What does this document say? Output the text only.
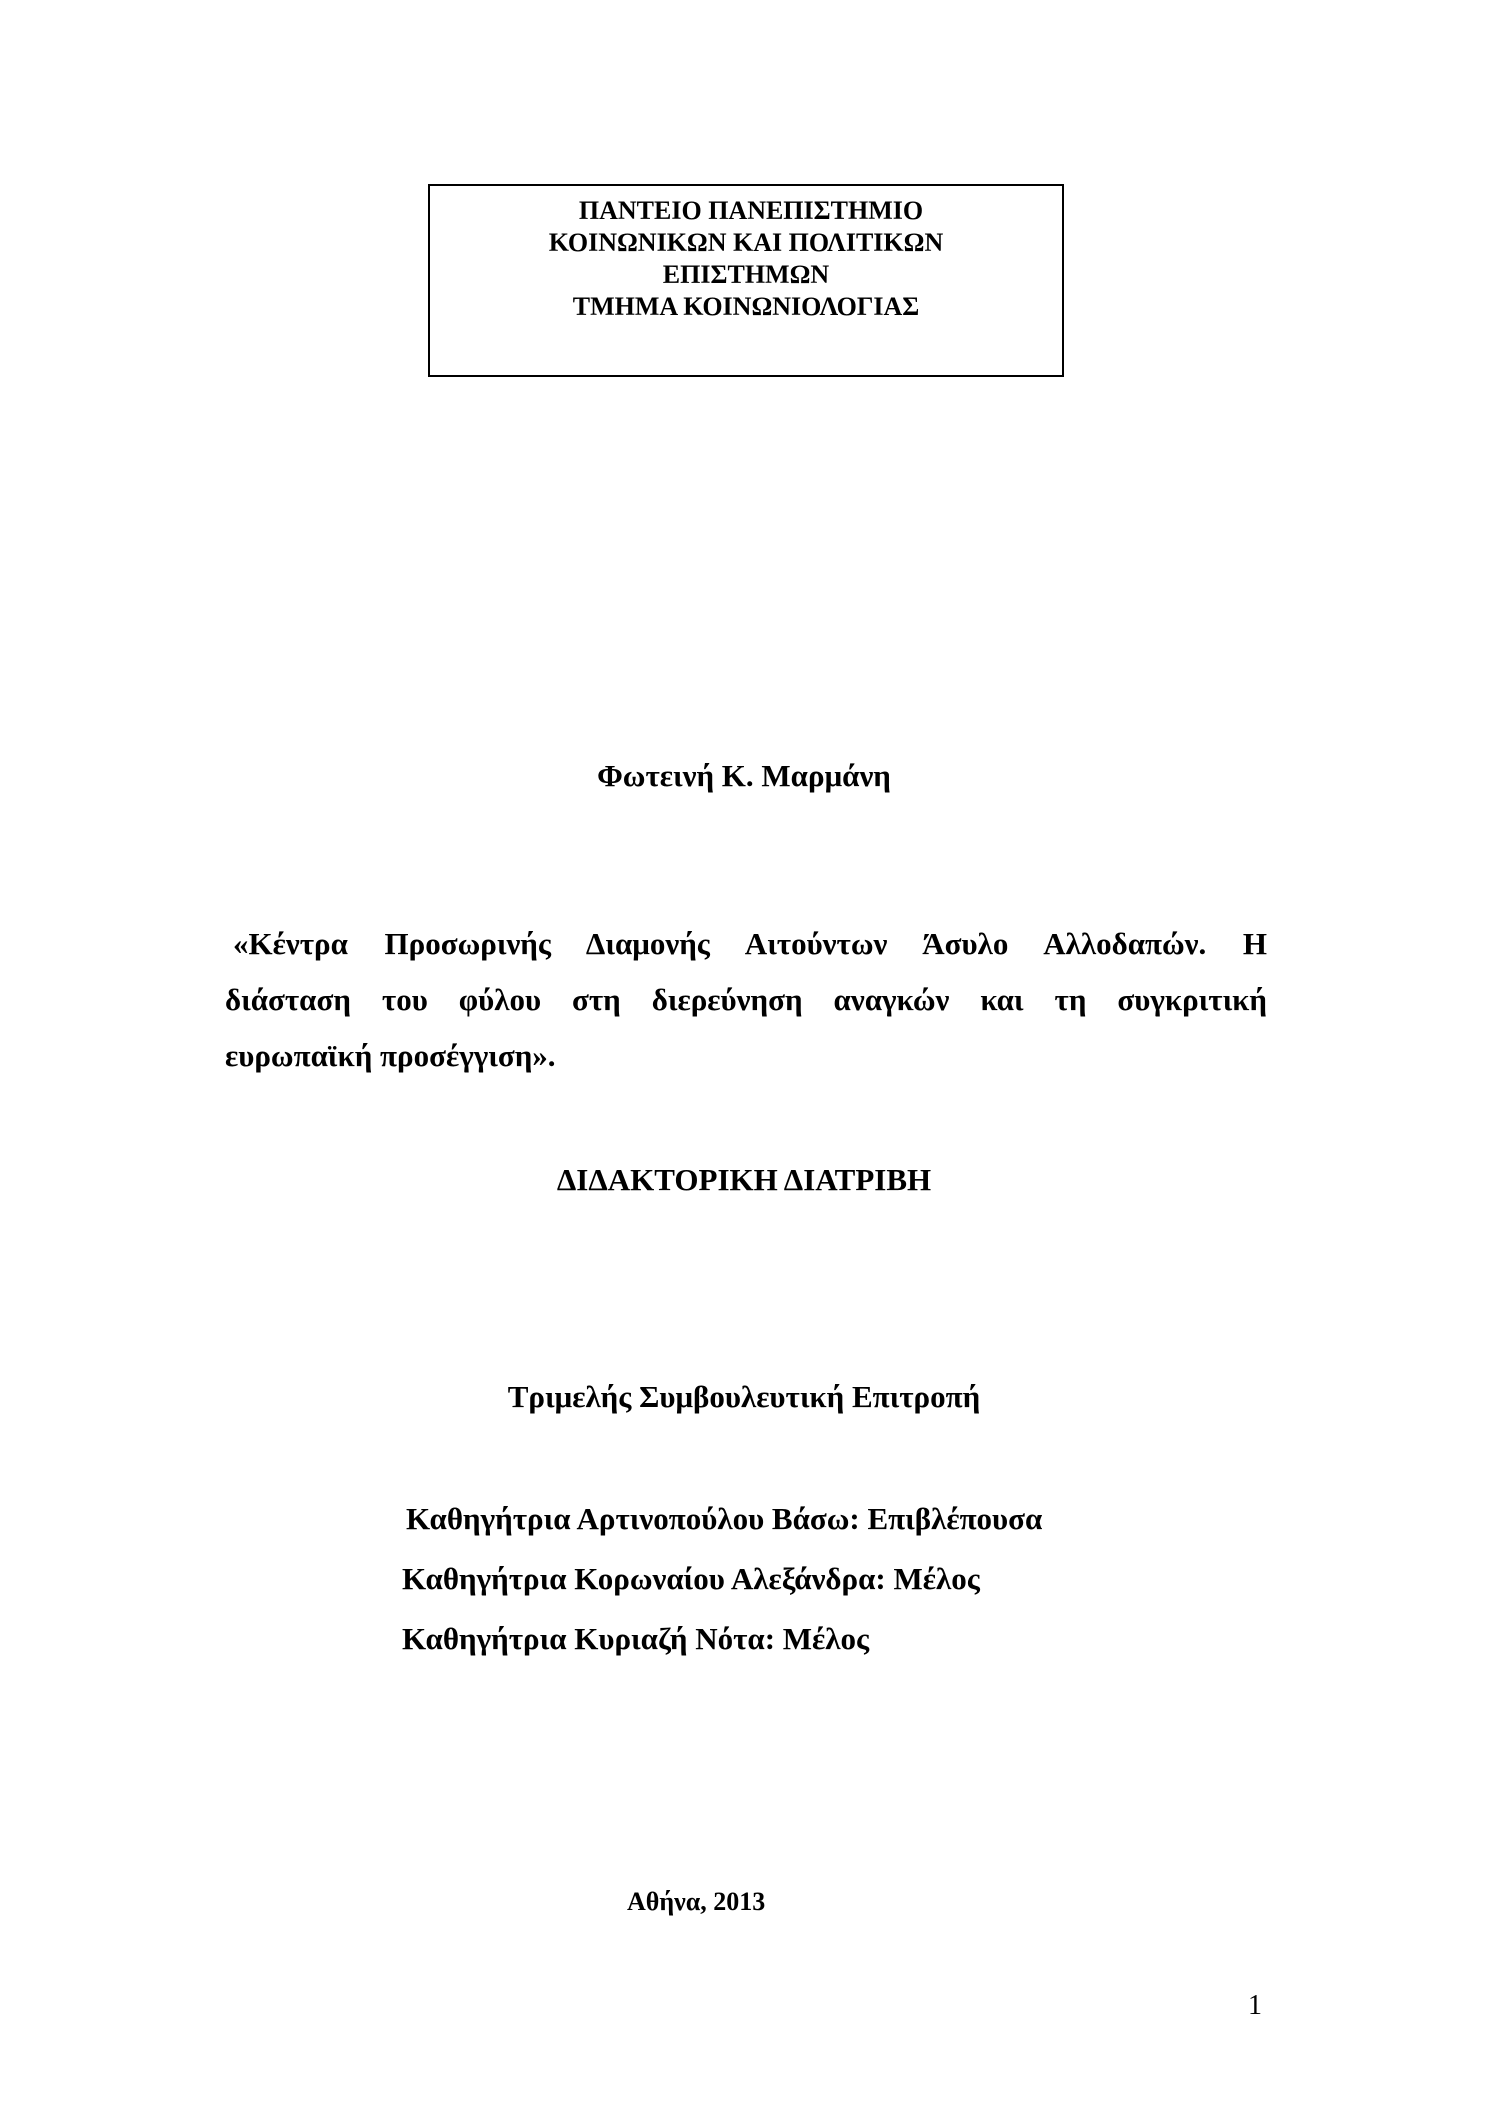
ΠΑΝΤΕΙΟ ΠΑΝΕΠΙΣΤΗΜΙΟ
ΚΟΙΝΩΝΙΚΩΝ ΚΑΙ ΠΟΛΙΤΙΚΩΝ
ΕΠΙΣΤΗΜΩΝ
ΤΜΗΜΑ ΚΟΙΝΩΝΙΟΛΟΓΙΑΣ
Φωτεινή Κ. Μαρμάνη
«Κέντρα Προσωρινής Διαμονής Αιτούντων Άσυλο Αλλοδαπών. Η
διάσταση του φύλου στη διερεύνηση αναγκών και τη συγκριτική
ευρωπαϊκή προσέγγιση».
ΔΙΔΑΚΤΟΡΙΚΗ ΔΙΑΤΡΙΒΗ
Τριμελής Συμβουλευτική Επιτροπή
Καθηγήτρια Αρτινοπούλου Βάσω: Επιβλέπουσα
Καθηγήτρια Κορωναίου Αλεξάνδρα: Μέλος
Καθηγήτρια Κυριαζή Νότα: Μέλος
Αθήνα, 2013
1
